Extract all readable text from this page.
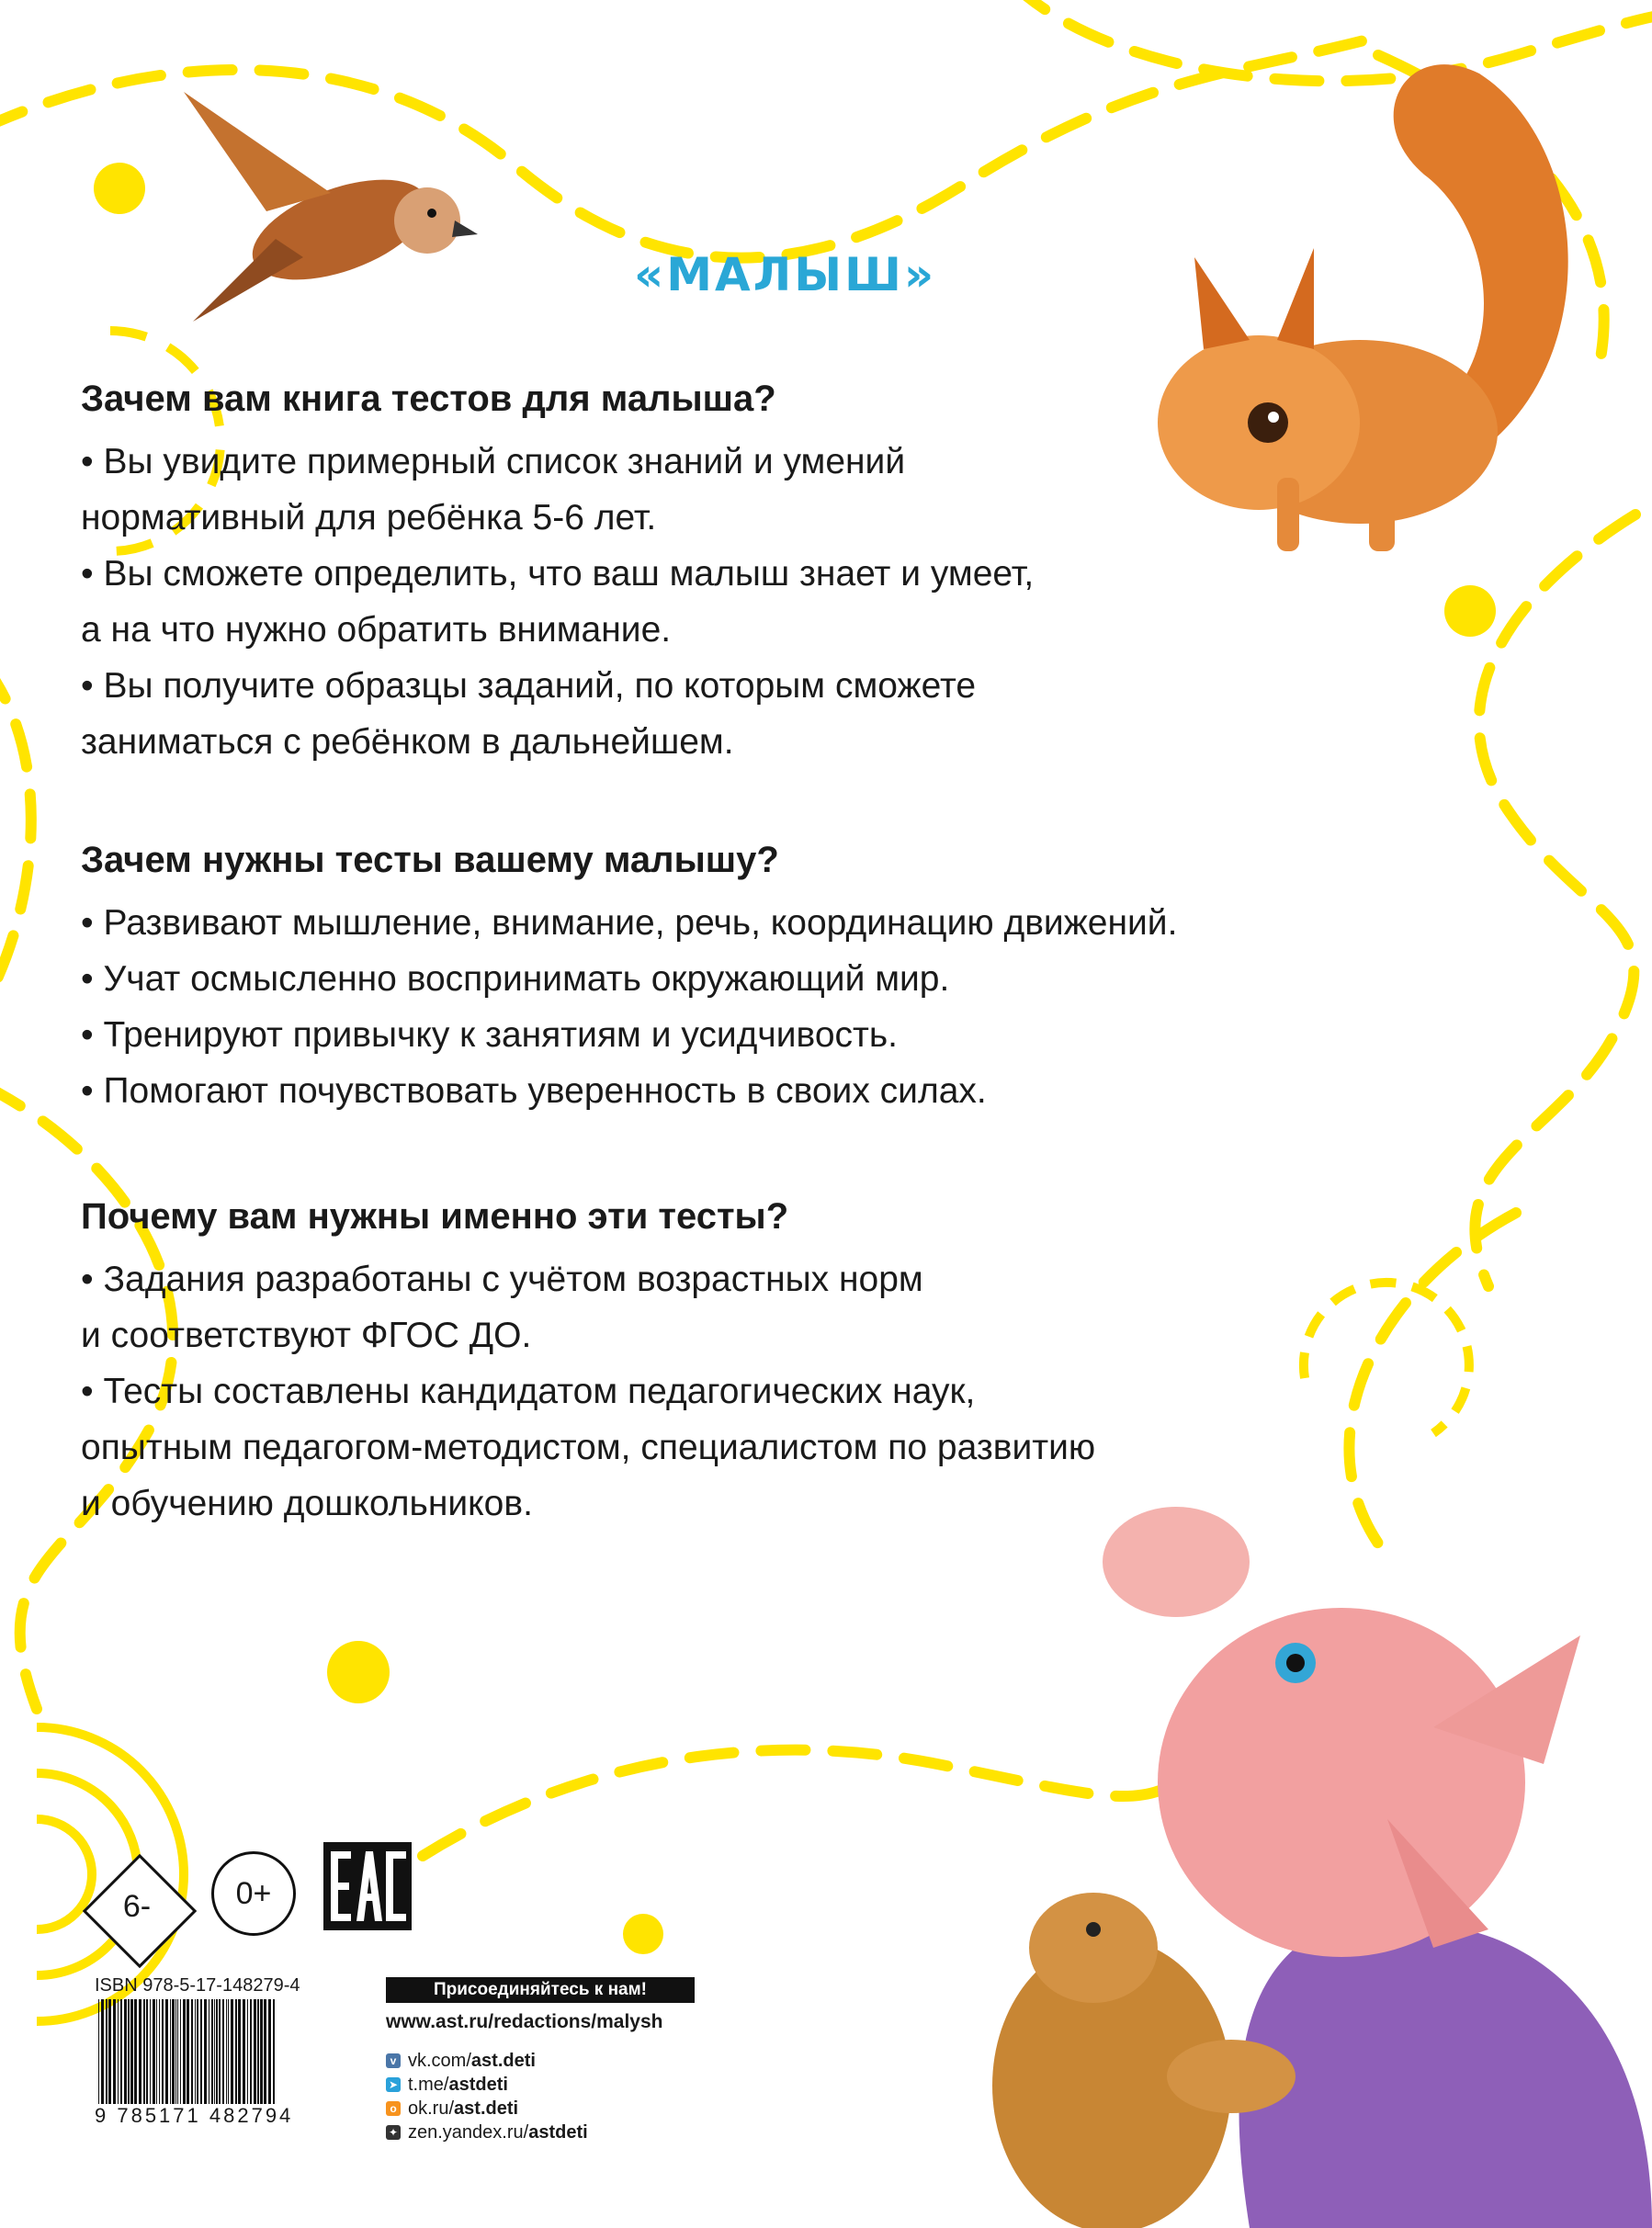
«МАЛЫШ»
Зачем вам книга тестов для малыша?

• Вы увидите примерный список знаний и умений

нормативный для ребёнка 5-6 лет.

• Вы сможете определить, что ваш малыш знает и умеет,

а на что нужно обратить внимание.

• Вы получите образцы заданий, по которым сможете

заниматься с ребёнком в дальнейшем.

Зачем нужны тесты вашему малышу?

• Развивают мышление, внимание, речь, координацию движений.

• Учат осмысленно воспринимать окружающий мир.

• Тренируют привычку к занятиям и усидчивость.

• Помогают почувствовать уверенность в своих силах.

Почему вам нужны именно эти тесты?

• Задания разработаны с учётом возрастных норм

и соответствуют ФГОС ДО.

• Тесты составлены кандидатом педагогических наук,

опытным педагогом-методистом, специалистом по развитию

и обучению дошкольников.

6-	0+
ISBN 978-5-17-148279-4
9 785171 482794
Присоединяйтесь к нам!
www.ast.ru/redactions/malysh
v vk.com/ ast.deti
➤ t.me/ astdeti
o ok.ru/ ast.deti
✦ zen.yandex.ru/ astdeti
